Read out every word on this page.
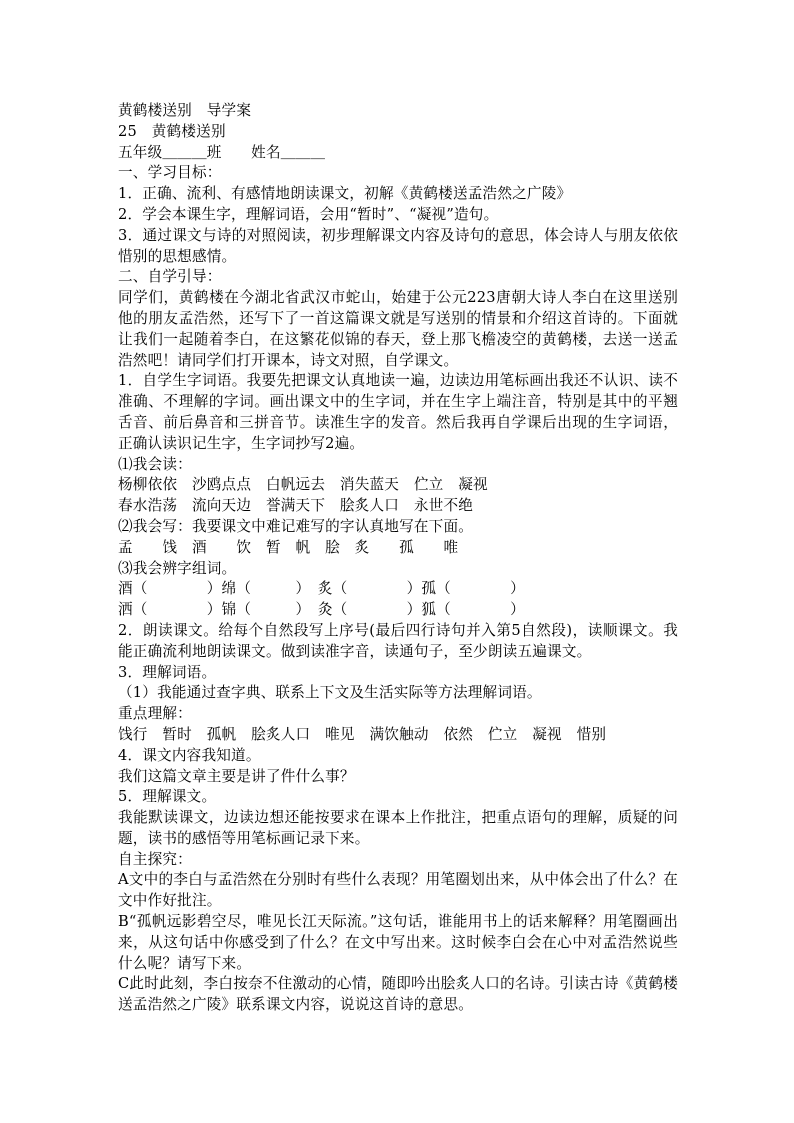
黄鹤楼送别　导学案
25　黄鹤楼送别
五年级＿＿＿班　　姓名＿＿＿
一、学习目标：
1．正确、流利、有感情地朗读课文，初解《黄鹤楼送孟浩然之广陵》
2．学会本课生字，理解词语，会用“暂时”、“凝视”造句。
3．通过课文与诗的对照阅读，初步理解课文内容及诗句的意思，体会诗人与朋友依依惜别的思想感情。
二、自学引导：
同学们，黄鹤楼在今湖北省武汉市蛇山，始建于公元223唐朝大诗人李白在这里送别他的朋友孟浩然，还写下了一首这篇课文就是写送别的情景和介绍这首诗的。下面就让我们一起随着李白，在这繁花似锦的春天，登上那飞檐凌空的黄鹤楼，去送一送孟浩然吧！请同学们打开课本，诗文对照，自学课文。
1．自学生字词语。我要先把课文认真地读一遍，边读边用笔标画出我还不认识、读不准确、不理解的字词。画出课文中的生字词，并在生字上端注音，特别是其中的平翘舌音、前后鼻音和三拼音节。读准生字的发音。然后我再自学课后出现的生字词语，正确认读识记生字，生字词抄写2遍。
⑴我会读：
杨柳依依　沙鸥点点　白帆远去　消失蓝天　伫立　凝视
春水浩荡　流向天边　誉满天下　脍炙人口　永世不绝
⑵我会写：我要课文中难记难写的字认真地写在下面。
孟　　饯　酒　　饮　暂　帆　脍　炙　　孤　　唯
⑶我会辨字组词。
酒（　　　　）绵（　　　）　炙（　　　　）孤（　　　　）
洒（　　　　）锦（　　　）　灸（　　　　）狐（　　　　）
2．朗读课文。给每个自然段写上序号(最后四行诗句并入第5自然段)，读顺课文。我能正确流利地朗读课文。做到读准字音，读通句子，至少朗读五遍课文。
3．理解词语。
（1）我能通过查字典、联系上下文及生活实际等方法理解词语。
重点理解：
饯行　暂时　孤帆　脍炙人口　唯见　满饮触动　依然　伫立　凝视　惜别
4．课文内容我知道。
我们这篇文章主要是讲了件什么事？
5．理解课文。
我能默读课文，边读边想还能按要求在课本上作批注，把重点语句的理解，质疑的问题，读书的感悟等用笔标画记录下来。
自主探究：
A文中的李白与孟浩然在分别时有些什么表现？用笔圈划出来，从中体会出了什么？在文中作好批注。
B“孤帆远影碧空尽，唯见长江天际流。”这句话，谁能用书上的话来解释？用笔圈画出来，从这句话中你感受到了什么？在文中写出来。这时候李白会在心中对孟浩然说些什么呢？请写下来。
C此时此刻，李白按奈不住激动的心情，随即吟出脍炙人口的名诗。引读古诗《黄鹤楼送孟浩然之广陵》联系课文内容，说说这首诗的意思。
